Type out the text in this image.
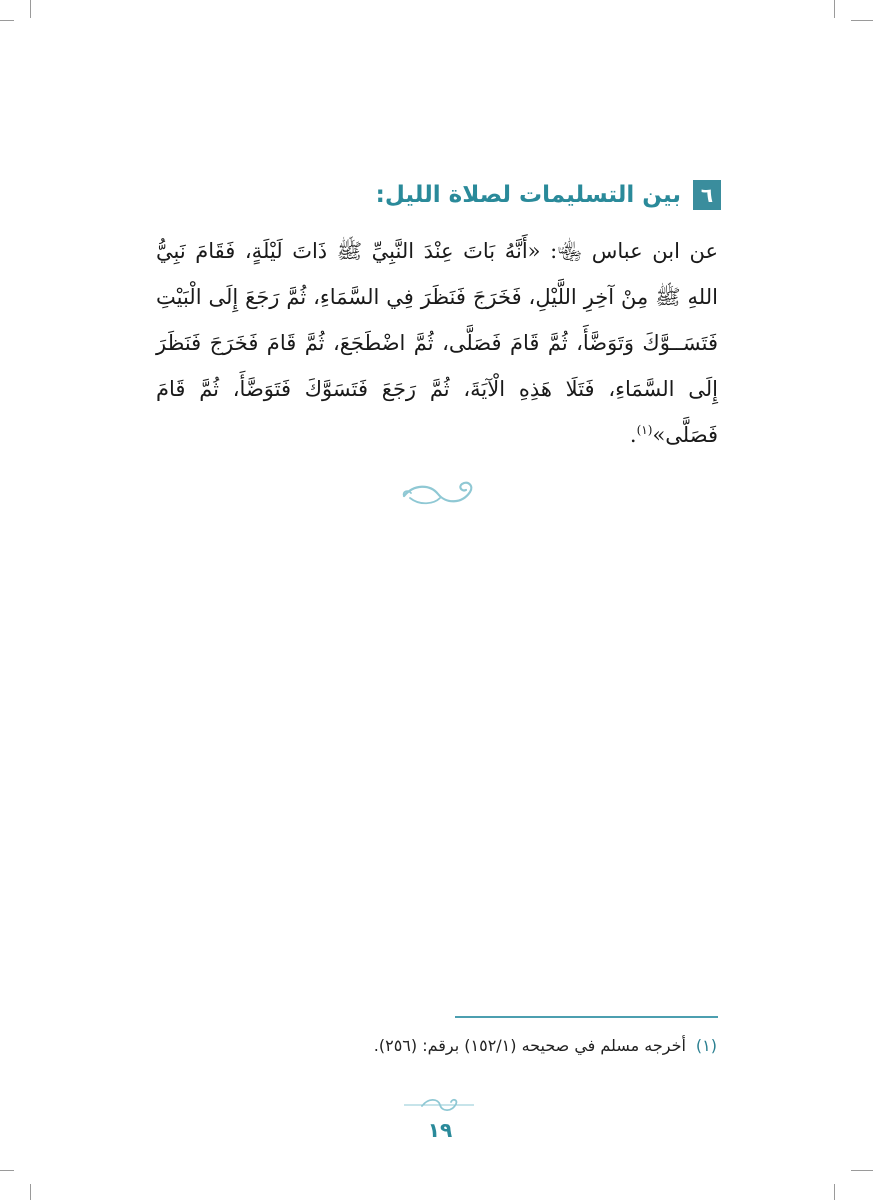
٦
بين التسليمات لصلاة الليل:

عن ابن عباس ﵄: «أَنَّهُ بَاتَ عِنْدَ النَّبِيِّ ﷺ ذَاتَ لَيْلَةٍ، فَقَامَ نَبِيُّ اللهِ ﷺ مِنْ آخِرِ اللَّيْلِ، فَخَرَجَ فَنَظَرَ فِي السَّمَاءِ، ثُمَّ رَجَعَ إِلَى الْبَيْتِ فَتَسَــوَّكَ وَتَوَضَّأَ، ثُمَّ قَامَ فَصَلَّى، ثُمَّ اضْطَجَعَ، ثُمَّ قَامَ فَخَرَجَ فَنَظَرَ إِلَى السَّمَاءِ، فَتَلَا هَذِهِ الْآيَةَ، ثُمَّ رَجَعَ فَتَسَوَّكَ فَتَوَضَّأَ، ثُمَّ قَامَ فَصَلَّى»$^{(١)}$.

(١)أخرجه مسلم في صحيحه (١٥٢/١) برقم: (٢٥٦).
١٩
